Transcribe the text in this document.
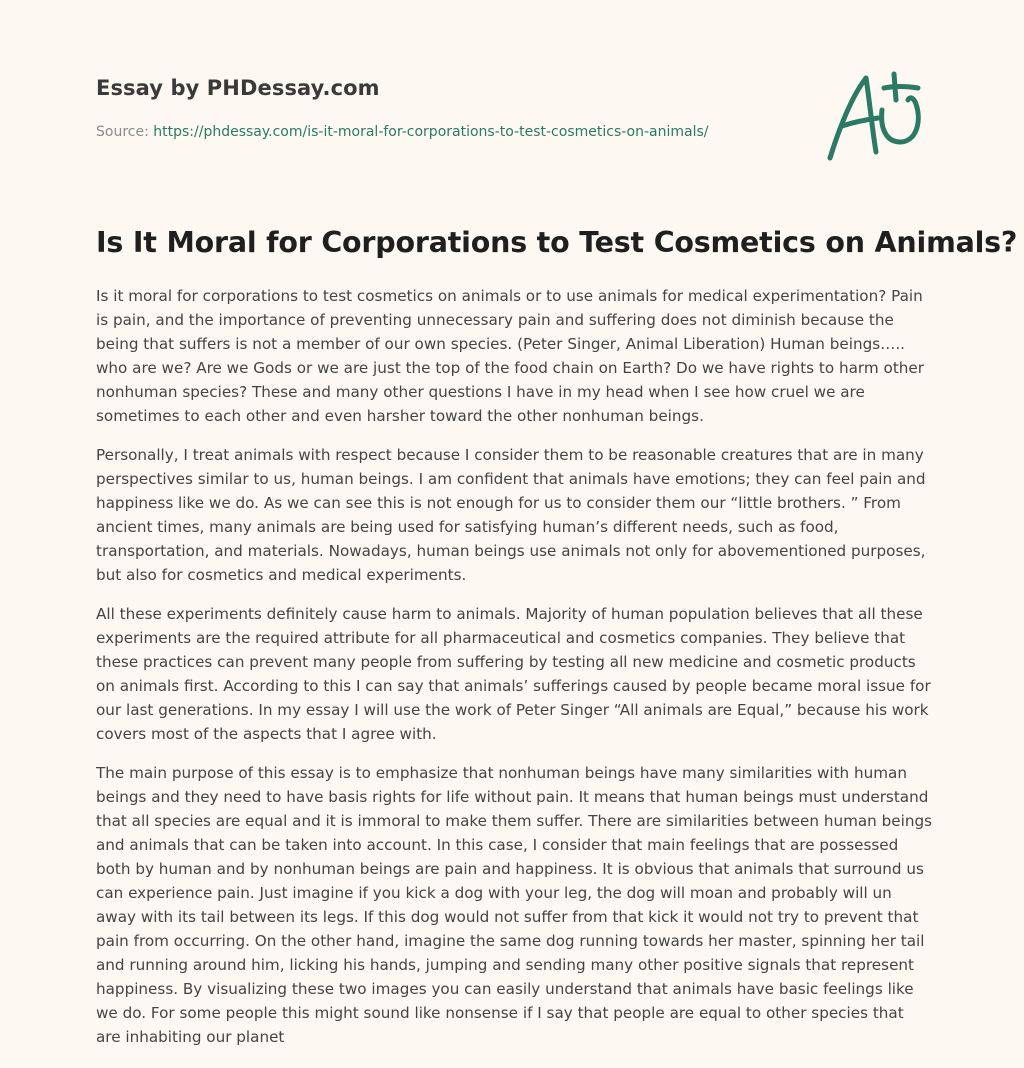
Essay by PHDessay.com
Source: https://phdessay.com/is-it-moral-for-corporations-to-test-cosmetics-on-animals/
Is It Moral for Corporations to Test Cosmetics on Animals?

Is it moral for corporations to test cosmetics on animals or to use animals for medical experimentation? Pain is pain, and the importance of preventing unnecessary pain and suffering does not diminish because the being that suffers is not a member of our own species. (Peter Singer, Animal Liberation) Human beings….. who are we? Are we Gods or we are just the top of the food chain on Earth? Do we have rights to harm other nonhuman species? These and many other questions I have in my head when I see how cruel we are sometimes to each other and even harsher toward the other nonhuman beings.

Personally, I treat animals with respect because I consider them to be reasonable creatures that are in many perspectives similar to us, human beings. I am confident that animals have emotions; they can feel pain and happiness like we do. As we can see this is not enough for us to consider them our “little brothers. ” From ancient times, many animals are being used for satisfying human’s different needs, such as food, transportation, and materials. Nowadays, human beings use animals not only for abovementioned purposes, but also for cosmetics and medical experiments.

All these experiments definitely cause harm to animals. Majority of human population believes that all these experiments are the required attribute for all pharmaceutical and cosmetics companies. They believe that these practices can prevent many people from suffering by testing all new medicine and cosmetic products on animals first. According to this I can say that animals’ sufferings caused by people became moral issue for our last generations. In my essay I will use the work of Peter Singer “All animals are Equal,” because his work covers most of the aspects that I agree with.

The main purpose of this essay is to emphasize that nonhuman beings have many similarities with human beings and they need to have basis rights for life without pain. It means that human beings must understand that all species are equal and it is immoral to make them suffer. There are similarities between human beings and animals that can be taken into account. In this case, I consider that main feelings that are possessed both by human and by nonhuman beings are pain and happiness. It is obvious that animals that surround us can experience pain. Just imagine if you kick a dog with your leg, the dog will moan and probably will un away with its tail between its legs. If this dog would not suffer from that kick it would not try to prevent that pain from occurring. On the other hand, imagine the same dog running towards her master, spinning her tail and running around him, licking his hands, jumping and sending many other positive signals that represent happiness. By visualizing these two images you can easily understand that animals have basic feelings like we do. For some people this might sound like nonsense if I say that people are equal to other species that are inhabiting our planet
